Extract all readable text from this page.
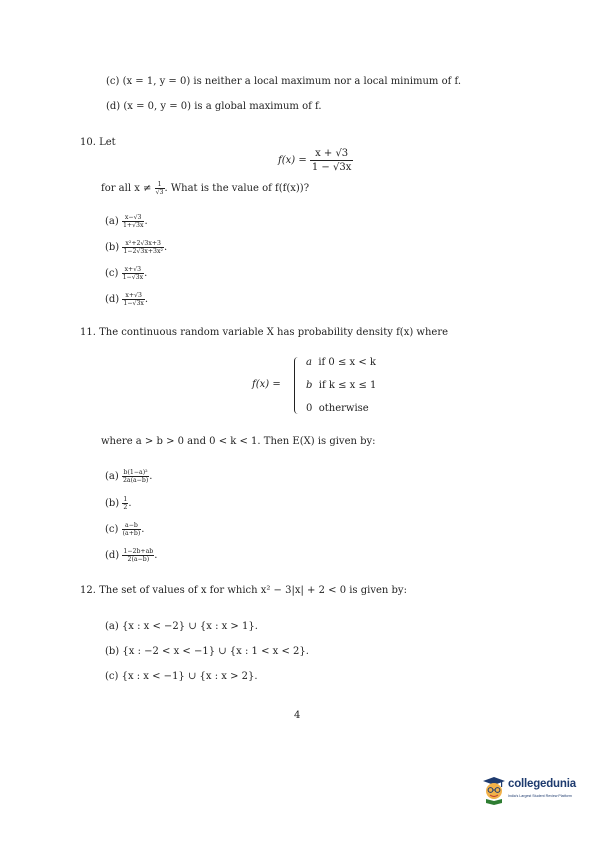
(c) (x = 1, y = 0) is neither a local maximum nor a local minimum of f.
(d) (x = 0, y = 0) is a global maximum of f.
10. Let
$f(x) = \frac{x + √3}{1 - √3x}$
for all $x \ne \frac{1}{√3}$ . What is the value of f(f(x))?
$(a) \frac{x-√3}{1+√3x}$ .
$(b) \frac{\text{x²+2√3x+3}}{\text{1−2√3x+3x²}}$ .
$(c) \frac{x+√3}{1-√3x}$ .
$(d) \frac{x+√3}{1-√3x}$ .
11. The continuous random variable X has probability density f(x) where
f(x) =
a if 0 ≤ x < k
b if k ≤ x ≤ 1
0 otherwise
where a > b > 0 and 0 < k < 1. Then E(X) is given by:
$(a) \frac{\text{b(1−a)²}}{2a(a-b)}$ .
$(b) \frac{1}{2}$ .
$(c) \frac{a-b}{(a+b)}$ .
$(d) \frac{1-2b+ab}{2(a-b)}$ .
12. The set of values of x for which x² − 3|x| + 2 < 0 is given by:
(a) {x : x < −2} ∪ {x : x > 1}.
(b) {x : −2 < x < −1} ∪ {x : 1 < x < 2}.
(c) {x : x < −1} ∪ {x : x > 2}.
4
collegedunia
India's Largest Student Review Platform
